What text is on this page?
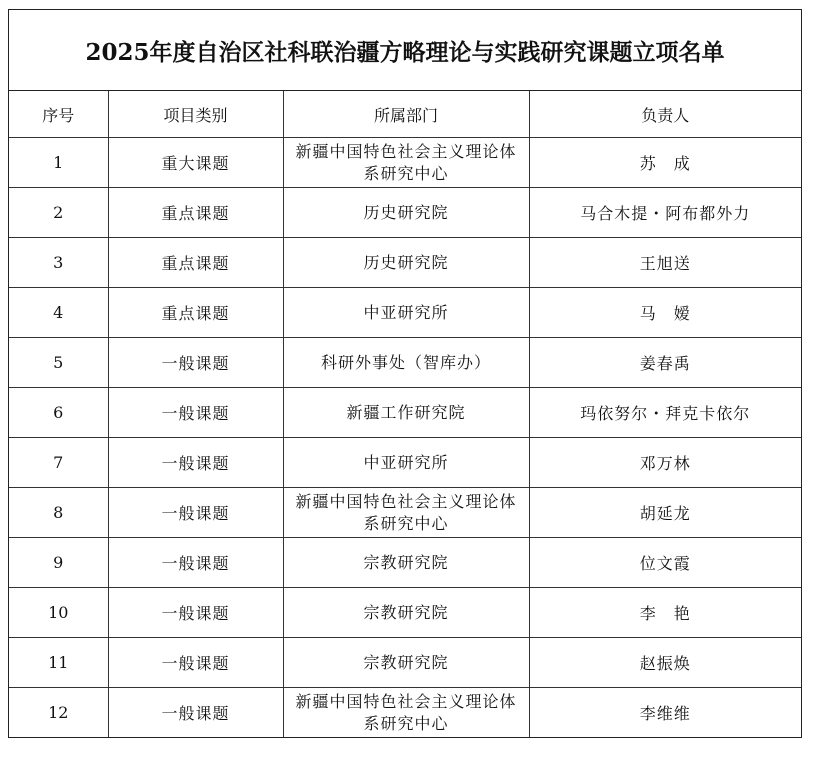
2025年度自治区社科联治疆方略理论与实践研究课题立项名单
序号	项目类别	所属部门	负责人
1	重大课题	新疆中国特色社会主义理论体系研究中心	苏　成
2	重点课题	历史研究院	马合木提・阿布都外力
3	重点课题	历史研究院	王旭送
4	重点课题	中亚研究所	马　嫒
5	一般课题	科研外事处（智库办）	姜春禹
6	一般课题	新疆工作研究院	玛依努尔・拜克卡依尔
7	一般课题	中亚研究所	邓万林
8	一般课题	新疆中国特色社会主义理论体系研究中心	胡延龙
9	一般课题	宗教研究院	位文霞
10	一般课题	宗教研究院	李　艳
11	一般课题	宗教研究院	赵振焕
12	一般课题	新疆中国特色社会主义理论体系研究中心	李维维
